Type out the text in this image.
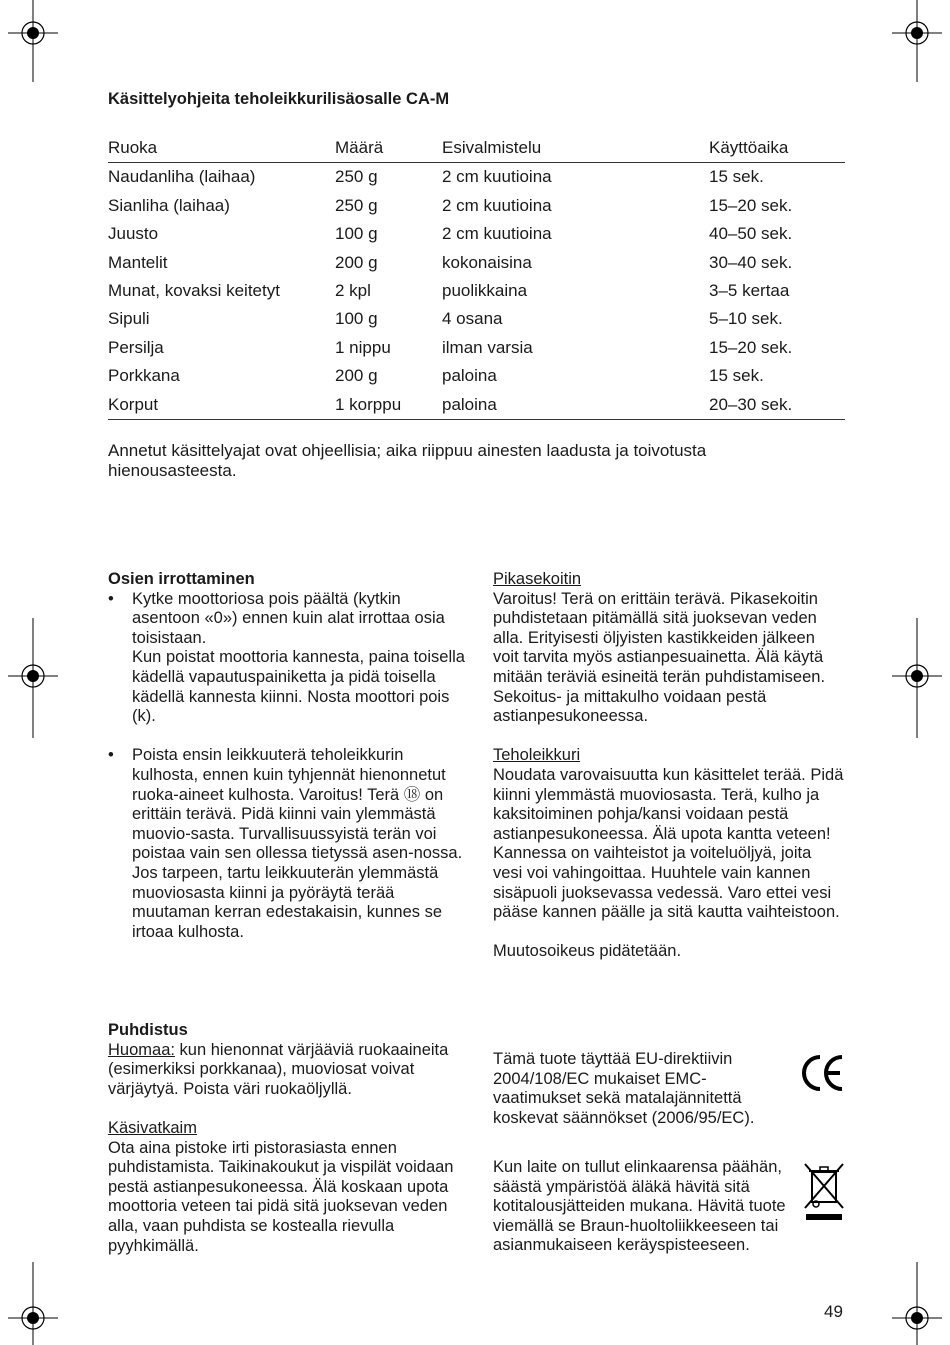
Käsittelyohjeita teholeikkurilisäosalle CA-M
Ruoka	Määrä	Esivalmistelu	Käyttöaika
Naudanliha (laihaa)	250 g	2 cm kuutioina	15 sek.
Sianliha (laihaa)	250 g	2 cm kuutioina	15–20 sek.
Juusto	100 g	2 cm kuutioina	40–50 sek.
Mantelit	200 g	kokonaisina	30–40 sek.
Munat, kovaksi keitetyt	2 kpl	puolikkaina	3–5 kertaa
Sipuli	100 g	4 osana	5–10 sek.
Persilja	1 nippu	ilman varsia	15–20 sek.
Porkkana	200 g	paloina	15 sek.
Korput	1 korppu	paloina	20–30 sek.

Annetut käsittelyajat ovat ohjeellisia; aika riippuu ainesten laadusta ja toivotusta hienousasteesta.

Osien irrottaminen
• Kytke moottoriosa pois päältä (kytkin asentoon «0») ennen kuin alat irrottaa osia toisistaan.

Kun poistat moottoria kannesta, paina toisella kädellä vapautuspainiketta ja pidä toisella kädellä kannesta kiinni. Nosta moottori pois (k).

• Poista ensin leikkuuterä teholeikkurin kulhosta, ennen kuin tyhjennät hienonnetut ruoka-aineet kulhosta. Varoitus! Terä ⑱ on erittäin terävä. Pidä kiinni vain ylemmästä muovio-sasta. Turvallisuussyistä terän voi poistaa vain sen ollessa tietyssä asen-nossa. Jos tarpeen, tartu leikkuuterän ylemmästä muoviosasta kiinni ja pyöräytä terää muutaman kerran edestakaisin, kunnes se irtoaa kulhosta.

Puhdistus

Huomaa: kun hienonnat värjääviä ruokaaineita (esimerkiksi porkkanaa), muoviosat voivat värjäytyä. Poista väri ruokaöljyllä.

Käsivatkaim

Ota aina pistoke irti pistorasiasta ennen puhdistamista. Taikinakoukut ja vispilät voidaan pestä astianpesukoneessa. Älä koskaan upota moottoria veteen tai pidä sitä juoksevan veden alla, vaan puhdista se kostealla rievulla pyyhkimällä.

Pikasekoitin

Varoitus! Terä on erittäin terävä. Pikasekoitin puhdistetaan pitämällä sitä juoksevan veden alla. Erityisesti öljyisten kastikkeiden jälkeen voit tarvita myös astianpesuainetta. Älä käytä mitään teräviä esineitä terän puhdistamiseen. Sekoitus- ja mittakulho voidaan pestä astianpesukoneessa.

Teholeikkuri

Noudata varovaisuutta kun käsittelet terää. Pidä kiinni ylemmästä muoviosasta. Terä, kulho ja kaksitoiminen pohja/kansi voidaan pestä astianpesukoneessa. Älä upota kantta veteen! Kannessa on vaihteistot ja voiteluöljyä, joita vesi voi vahingoittaa. Huuhtele vain kannen sisäpuoli juoksevassa vedessä. Varo ettei vesi pääse kannen päälle ja sitä kautta vaihteistoon.

Muutosoikeus pidätetään.

Tämä tuote täyttää EU-direktiivin 2004/108/EC mukaiset EMC-vaatimukset sekä matalajännitettä koskevat säännökset (2006/95/EC).

Kun laite on tullut elinkaarensa päähän, säästä ympäristöä äläkä hävitä sitä kotitalousjätteiden mukana. Hävitä tuote viemällä se Braun-huoltoliikkeeseen tai asianmukaiseen keräyspisteeseen.

49
